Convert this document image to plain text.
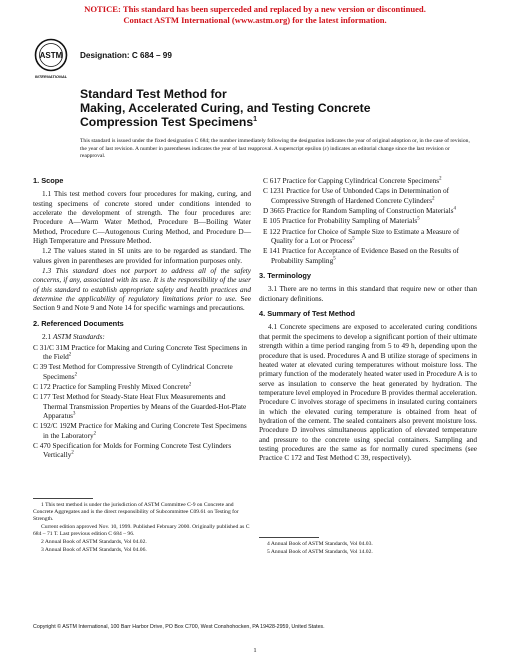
NOTICE: This standard has been superceded and replaced by a new version or discontinued.
Contact ASTM International (www.astm.org) for the latest information.
ASTM
INTERNATIONAL
Designation: C 684 – 99
Standard Test Method for
Making, Accelerated Curing, and Testing Concrete
Compression Test Specimens$^1$
This standard is issued under the fixed designation C 684; the number immediately following the designation indicates the year of original adoption or, in the case of revision, the year of last revision. A number in parentheses indicates the year of last reapproval. A superscript epsilon (ε) indicates an editorial change since the last revision or reapproval.
1. Scope
1.1 This test method covers four procedures for making, curing, and testing specimens of concrete stored under conditions intended to accelerate the development of strength. The four procedures are: Procedure A—Warm Water Method, Procedure B—Boiling Water Method, Procedure C—Autogenous Curing Method, and Procedure D—High Temperature and Pressure Method.
1.2 The values stated in SI units are to be regarded as standard. The values given in parentheses are provided for information purposes only.
1.3 This standard does not purport to address all of the safety concerns, if any, associated with its use. It is the responsibility of the user of this standard to establish appropriate safety and health practices and determine the applicability of regulatory limitations prior to use. See Section 9 and Note 9 and Note 14 for specific warnings and precautions.
2. Referenced Documents
2.1 ASTM Standards:
C 31/C 31M Practice for Making and Curing Concrete Test Specimens in the Field$^2$
C 39 Test Method for Compressive Strength of Cylindrical Concrete Specimens$^2$
C 172 Practice for Sampling Freshly Mixed Concrete$^2$
C 177 Test Method for Steady-State Heat Flux Measurements and Thermal Transmission Properties by Means of the Guarded-Hot-Plate Apparatus$^3$
C 192/C 192M Practice for Making and Curing Concrete Test Specimens in the Laboratory$^2$
C 470 Specification for Molds for Forming Concrete Test Cylinders Vertically$^2$
C 617 Practice for Capping Cylindrical Concrete Specimens$^2$
C 1231 Practice for Use of Unbonded Caps in Determination of Compressive Strength of Hardened Concrete Cylinders$^2$
D 3665 Practice for Random Sampling of Construction Materials$^4$
E 105 Practice for Probability Sampling of Materials$^5$
E 122 Practice for Choice of Sample Size to Estimate a Measure of Quality for a Lot or Process$^5$
E 141 Practice for Acceptance of Evidence Based on the Results of Probability Sampling$^5$
3. Terminology
3.1 There are no terms in this standard that require new or other than dictionary definitions.
4. Summary of Test Method
4.1 Concrete specimens are exposed to accelerated curing conditions that permit the specimens to develop a significant portion of their ultimate strength within a time period ranging from 5 to 49 h, depending upon the procedure that is used. Procedures A and B utilize storage of specimens in heated water at elevated curing temperatures without moisture loss. The primary function of the moderately heated water used in Procedure A is to serve as insulation to conserve the heat generated by hydration. The temperature level employed in Procedure B provides thermal acceleration. Procedure C involves storage of specimens in insulated curing containers in which the elevated curing temperature is obtained from heat of hydration of the cement. The sealed containers also prevent moisture loss. Procedure D involves simultaneous application of elevated temperature and pressure to the concrete using special containers. Sampling and testing procedures are the same as for normally cured specimens (see Practice C 172 and Test Method C 39, respectively).

1 This test method is under the jurisdiction of ASTM Committee C-9 on Concrete and Concrete Aggregates and is the direct responsibility of Subcommittee C09.61 on Testing for Strength.

Current edition approved Nov. 10, 1999. Published February 2000. Originally published as C 684 – 71 T. Last previous edition C 684 – 96.

2 Annual Book of ASTM Standards, Vol 04.02.

3 Annual Book of ASTM Standards, Vol 04.06.

4 Annual Book of ASTM Standards, Vol 04.03.

5 Annual Book of ASTM Standards, Vol 14.02.

Copyright © ASTM International, 100 Barr Harbor Drive, PO Box C700, West Conshohocken, PA 19428-2959, United States.
1
